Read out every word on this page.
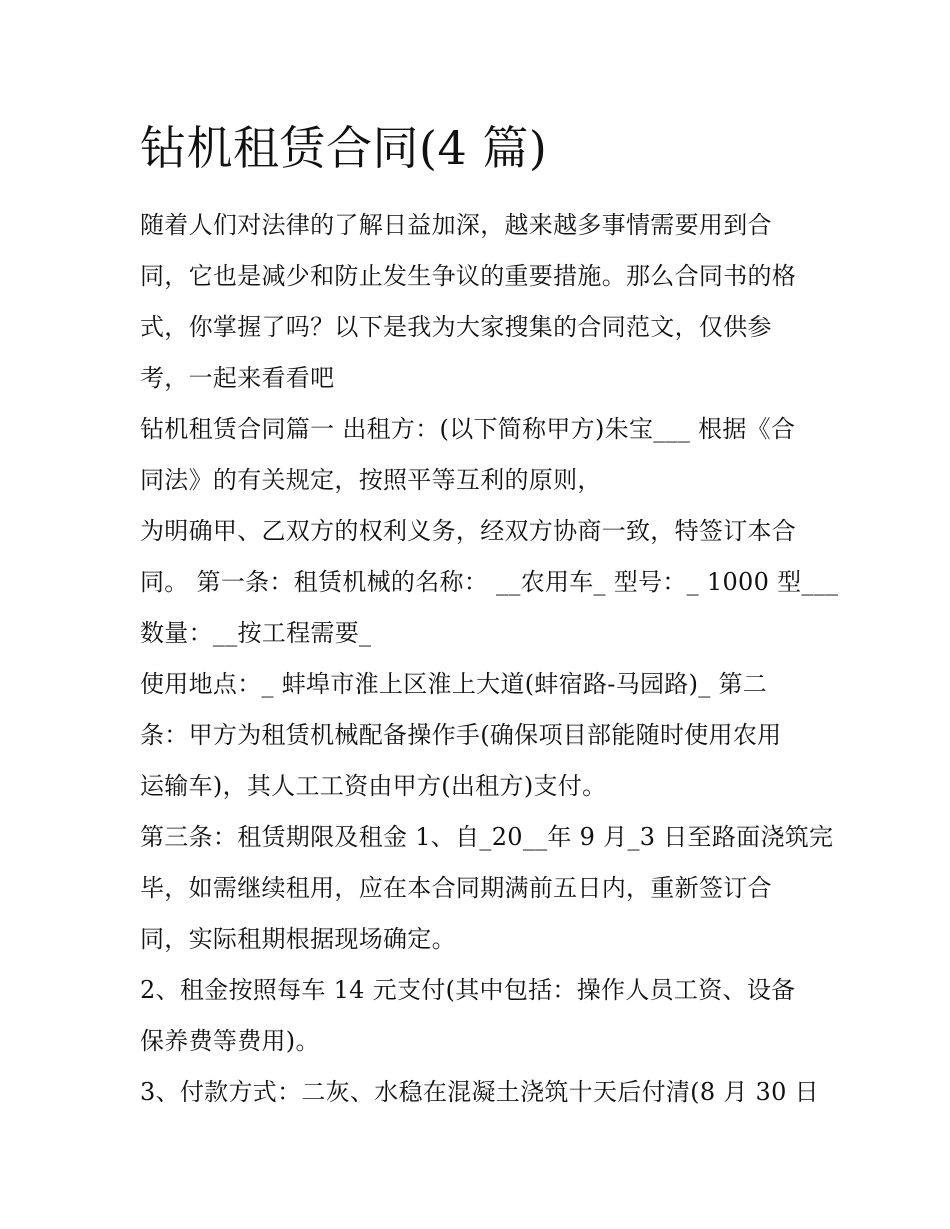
钻机租赁合同(4 篇)
随着人们对法律的了解日益加深，越来越多事情需要用到合
同，它也是减少和防止发生争议的重要措施。那么合同书的格
式，你掌握了吗？以下是我为大家搜集的合同范文，仅供参
考，一起来看看吧
钻机租赁合同篇一 出租方：(以下简称甲方)朱宝___ 根据《合
同法》的有关规定，按照平等互利的原则，
为明确甲、乙双方的权利义务，经双方协商一致，特签订本合
同。 第一条：租赁机械的名称： __农用车_ 型号：_ 1000 型___
数量：__按工程需要_
使用地点：_ 蚌埠市淮上区淮上大道(蚌宿路-马园路)_ 第二
条：甲方为租赁机械配备操作手(确保项目部能随时使用农用
运输车)，其人工工资由甲方(出租方)支付。
第三条：租赁期限及租金 1、自_20__年 9 月_3 日至路面浇筑完
毕，如需继续租用，应在本合同期满前五日内，重新签订合
同，实际租期根据现场确定。
2、租金按照每车 14 元支付(其中包括：操作人员工资、设备
保养费等费用)。
3、付款方式：二灰、水稳在混凝土浇筑十天后付清(8 月 30 日
